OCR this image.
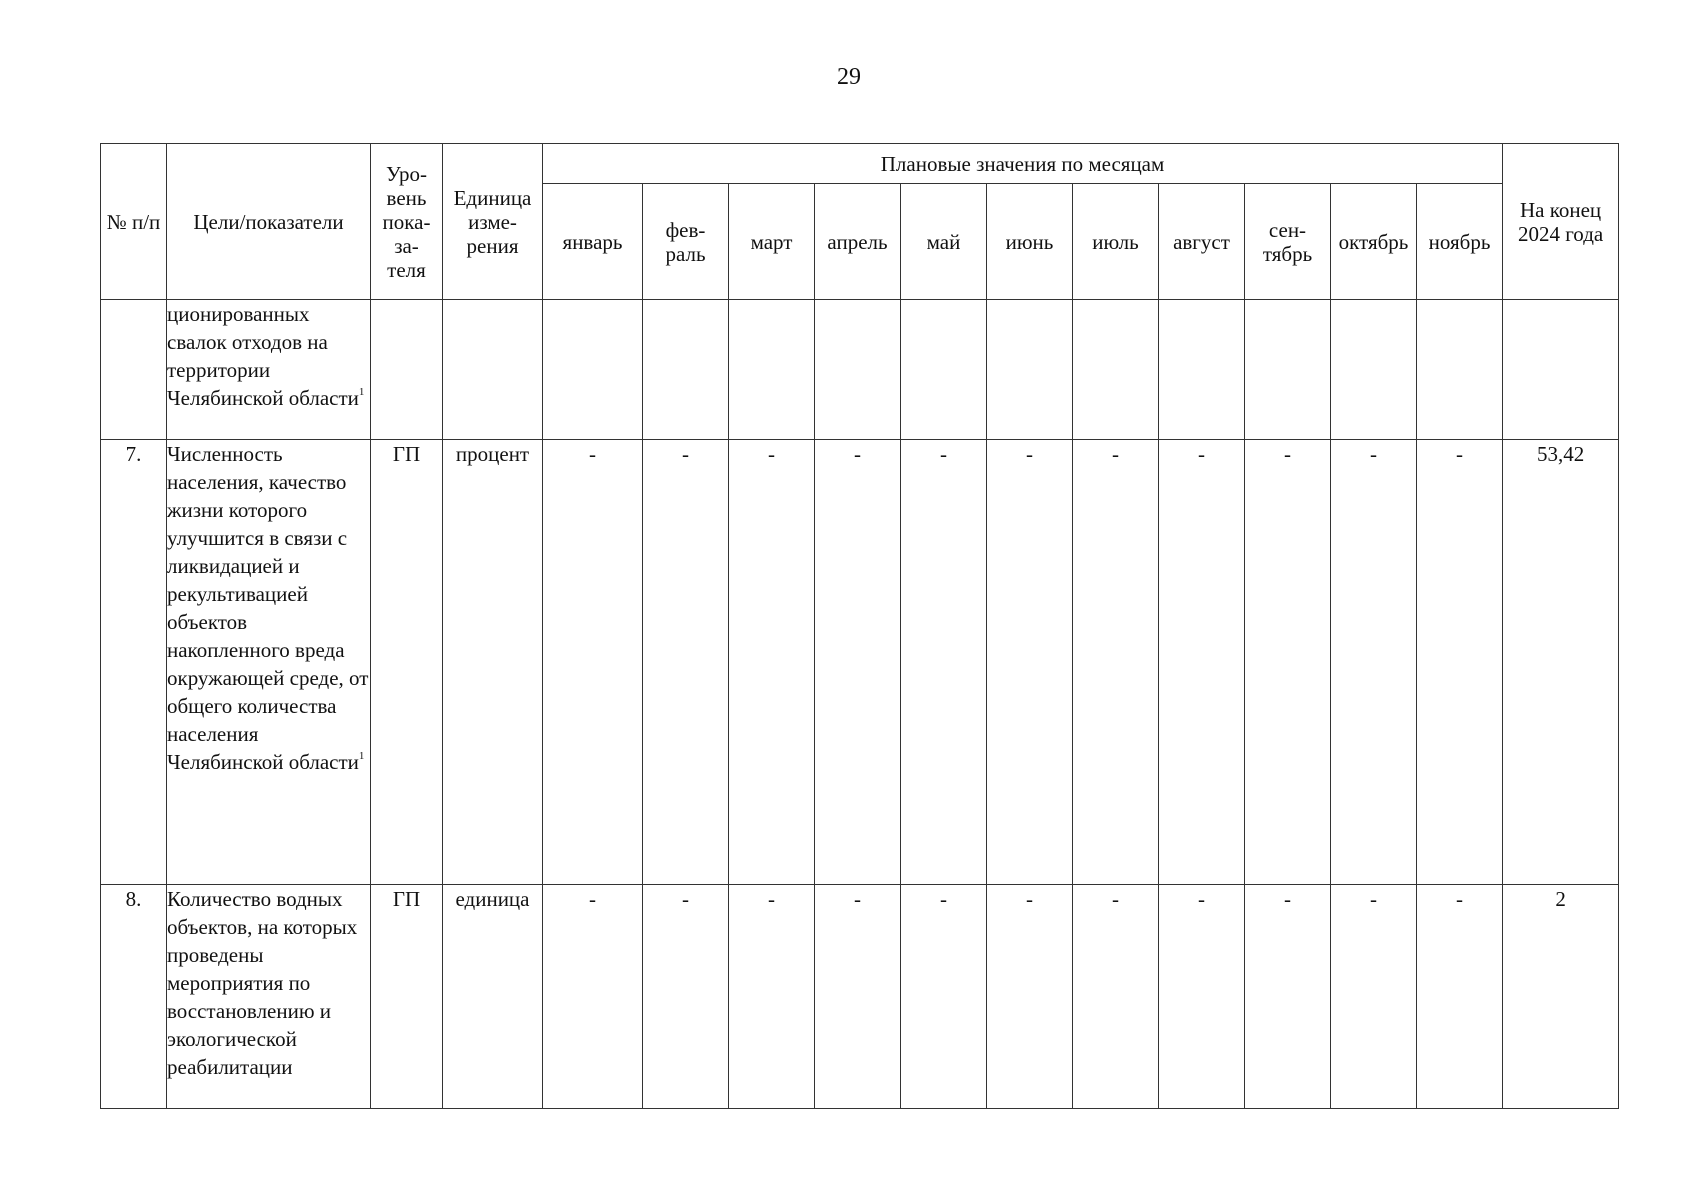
29
№ п/п	Цели/показатели	Уро-
вень
пока-
за-
теля	Единица
изме-
рения	Плановые значения по месяцам											На конец
2024 года
				январь	фев-
раль	март	апрель	май	июнь	июль	август	сен-
тябрь	октябрь	ноябрь	
	ционированных свалок отходов на территории Челябинской области$^1$														
7.	Численность населения, качество жизни которого улучшится в связи с ликвидацией и рекультивацией объектов накопленного вреда окружающей среде, от общего количества населения Челябинской области$^1$	ГП	процент	-	-	-	-	-	-	-	-	-	-	-	53,42
8.	Количество водных объектов, на которых проведены мероприятия по восстановлению и экологической реабилитации	ГП	единица	-	-	-	-	-	-	-	-	-	-	-	2
